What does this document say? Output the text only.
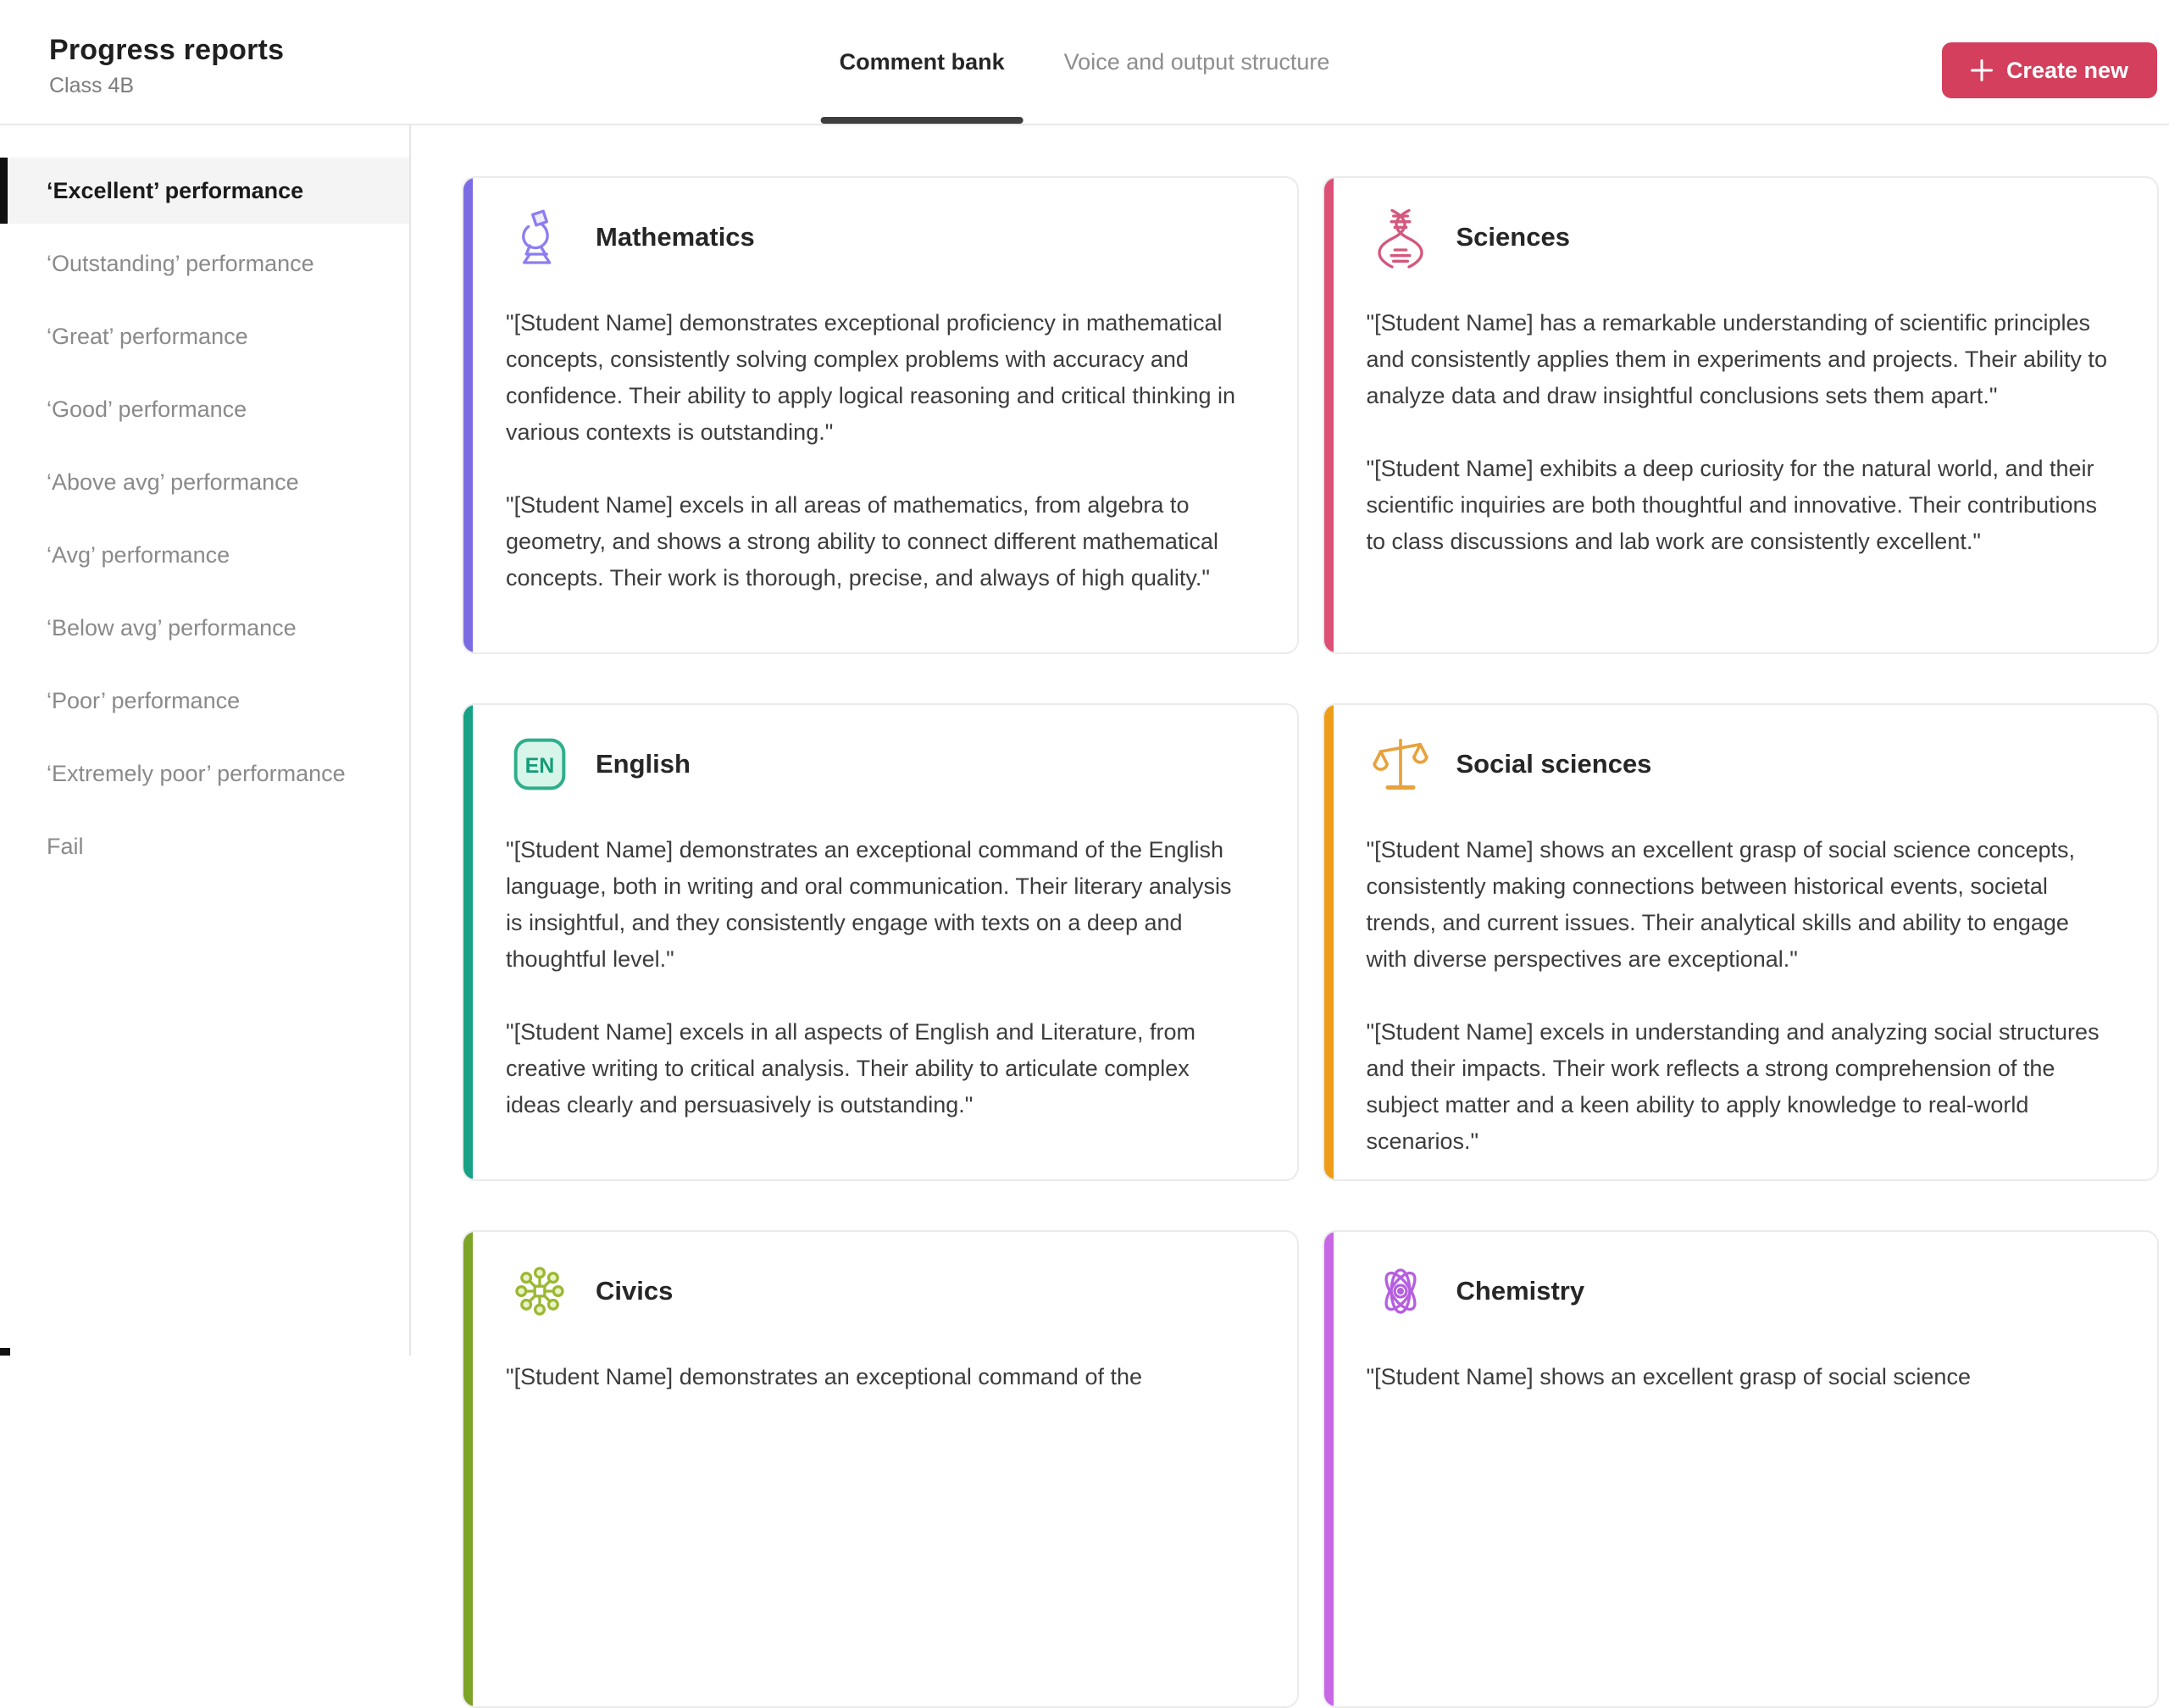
Progress reports
Class 4B
Comment bank	Voice and output structure	Create new
‘Excellent’ performance
‘Outstanding’ performance
‘Great’ performance
‘Good’ performance
‘Above avg’ performance
‘Avg’ performance
‘Below avg’ performance
‘Poor’ performance
‘Extremely poor’ performance
Fail
Mathematics

"[Student Name] demonstrates exceptional proficiency in mathematical concepts, consistently solving complex problems with accuracy and confidence. Their ability to apply logical reasoning and critical thinking in various contexts is outstanding."

"[Student Name] excels in all areas of mathematics, from algebra to geometry, and shows a strong ability to connect different mathematical concepts. Their work is thorough, precise, and always of high quality."

Sciences

"[Student Name] has a remarkable understanding of scientific principles and consistently applies them in experiments and projects. Their ability to analyze data and draw insightful conclusions sets them apart."

"[Student Name] exhibits a deep curiosity for the natural world, and their scientific inquiries are both thoughtful and innovative. Their contributions to class discussions and lab work are consistently excellent."

EN English

"[Student Name] demonstrates an exceptional command of the English language, both in writing and oral communication. Their literary analysis is insightful, and they consistently engage with texts on a deep and thoughtful level."

"[Student Name] excels in all aspects of English and Literature, from creative writing to critical analysis. Their ability to articulate complex ideas clearly and persuasively is outstanding."

Social sciences

"[Student Name] shows an excellent grasp of social science concepts, consistently making connections between historical events, societal trends, and current issues. Their analytical skills and ability to engage with diverse perspectives are exceptional."

"[Student Name] excels in understanding and analyzing social structures and their impacts. Their work reflects a strong comprehension of the subject matter and a keen ability to apply knowledge to real-world scenarios."

Civics

"[Student Name] demonstrates an exceptional command of the

Chemistry

"[Student Name] shows an excellent grasp of social science
